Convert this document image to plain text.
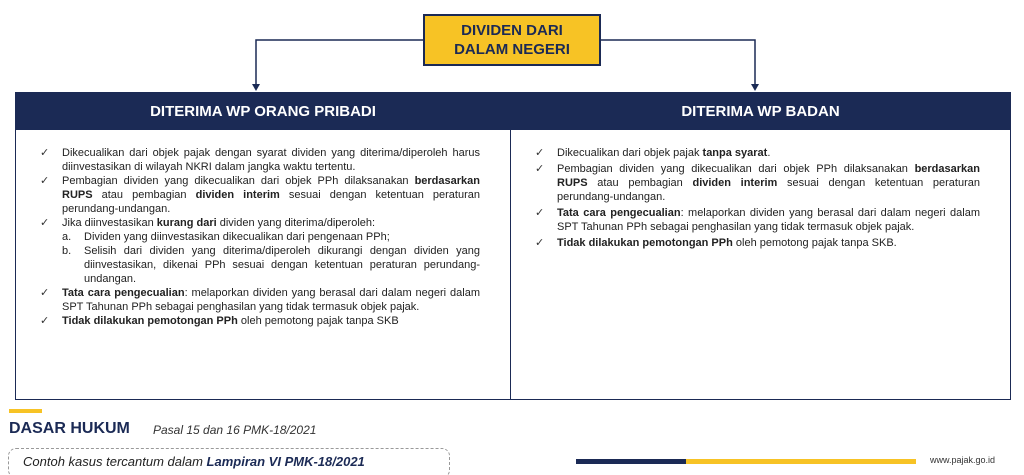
DIVIDEN DARI
DALAM NEGERI
DITERIMA WP ORANG PRIBADI
✓	Dikecualikan dari objek pajak dengan syarat dividen yang diterima/diperoleh harus diinvestasikan di wilayah NKRI dalam jangka waktu tertentu.
✓	Pembagian dividen yang dikecualikan dari objek PPh dilaksanakan berdasarkan RUPS atau pembagian dividen interim sesuai dengan ketentuan peraturan perundang-undangan.
✓	Jika diinvestasikan kurang dari dividen yang diterima/diperoleh:
a.	Dividen yang diinvestasikan dikecualikan dari pengenaan PPh;
b.	Selisih dari dividen yang diterima/diperoleh dikurangi dengan dividen yang diinvestasikan, dikenai PPh sesuai dengan ketentuan peraturan perundang-undangan.
✓	Tata cara pengecualian: melaporkan dividen yang berasal dari dalam negeri dalam SPT Tahunan PPh sebagai penghasilan yang tidak termasuk objek pajak.
✓	Tidak dilakukan pemotongan PPh oleh pemotong pajak tanpa SKB
DITERIMA WP BADAN
✓	Dikecualikan dari objek pajak tanpa syarat.
✓	Pembagian dividen yang dikecualikan dari objek PPh dilaksanakan berdasarkan RUPS atau pembagian dividen interim sesuai dengan ketentuan peraturan perundang-undangan.
✓	Tata cara pengecualian: melaporkan dividen yang berasal dari dalam negeri dalam SPT Tahunan PPh sebagai penghasilan yang tidak termasuk objek pajak.
✓	Tidak dilakukan pemotongan PPh oleh pemotong pajak tanpa SKB.
DASAR HUKUM Pasal 15 dan 16 PMK-18/2021
Contoh kasus tercantum dalam Lampiran VI PMK-18/2021	www.pajak.go.id
